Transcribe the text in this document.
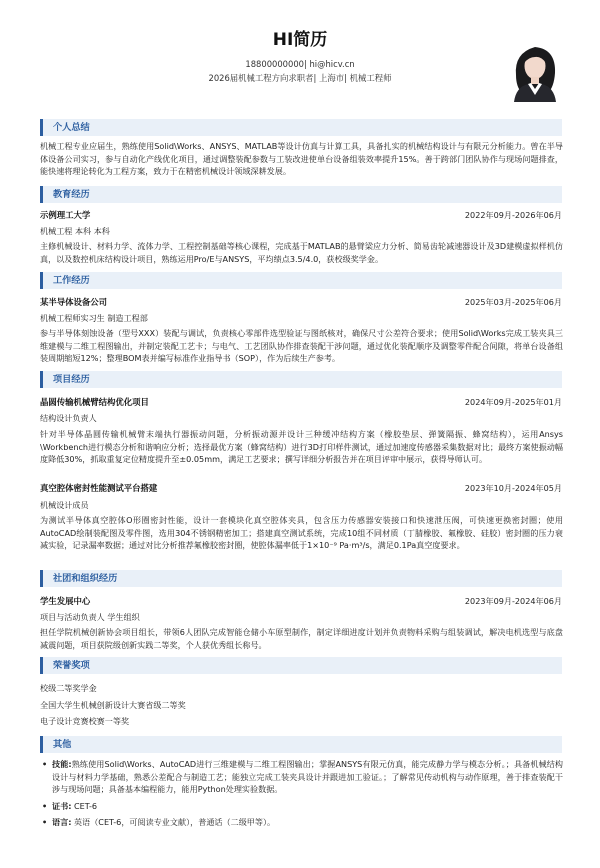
HI简历
18800000000| hi@hicv.cn
2026届机械工程方向求职者| 上海市| 机械工程师
个人总结
机械工程专业应届生，熟练使用Solid\Works、ANSYS、MATLAB等设计仿真与计算工具，具备扎实的机械结构设计与有限元分析能力。曾在半导体设备公司实习，参与自动化产线优化项目，通过调整装配参数与工装改进使单台设备组装效率提升15%。善于跨部门团队协作与现场问题排查，能快速将理论转化为工程方案，致力于在精密机械设计领域深耕发展。
教育经历
示例理工大学	2022年09月-2026年06月
机械工程 本科 本科
主修机械设计、材料力学、流体力学、工程控制基础等核心课程，完成基于MATLAB的悬臂梁应力分析、简易齿轮减速器设计及3D建模虚拟样机仿真，以及数控机床结构设计项目，熟练运用Pro/E与ANSYS，平均绩点3.5/4.0，获校级奖学金。
工作经历
某半导体设备公司	2025年03月-2025年06月
机械工程师实习生 制造工程部
参与半导体刻蚀设备（型号XXX）装配与调试，负责核心零部件选型验证与图纸核对，确保尺寸公差符合要求；使用Solid\Works完成工装夹具三维建模与二维工程图输出，并制定装配工艺卡；与电气、工艺团队协作排查装配干涉问题，通过优化装配顺序及调整零件配合间隙，将单台设备组装周期缩短12%；整理BOM表并编写标准作业指导书（SOP），作为后续生产参考。
项目经历
晶圆传输机械臂结构优化项目	2024年09月-2025年01月
结构设计负责人
针对半导体晶圆传输机械臂末端执行器振动问题，分析振动源并设计三种缓冲结构方案（橡胶垫层、弹簧隔振、蜂窝结构），运用Ansys \Workbench进行模态分析和谐响应分析；选择最优方案（蜂窝结构）进行3D打印样件测试，通过加速度传感器采集数据对比；最终方案使振动幅度降低30%，抓取重复定位精度提升至±0.05mm，满足工艺要求；撰写详细分析报告并在项目评审中展示，获得导师认可。
真空腔体密封性能测试平台搭建	2023年10月-2024年05月
机械设计成员
为测试半导体真空腔体O形圈密封性能，设计一套模块化真空腔体夹具，包含压力传感器安装接口和快速泄压阀，可快速更换密封圈；使用AutoCAD绘制装配图及零件图，选用304不锈钢精密加工；搭建真空测试系统，完成10组不同材质（丁腈橡胶、氟橡胶、硅胶）密封圈的压力衰减实验，记录漏率数据；通过对比分析推荐氟橡胶密封圈，使腔体漏率低于1×10⁻⁹ Pa·m³/s，满足0.1Pa真空度要求。
社团和组织经历
学生发展中心	2023年09月-2024年06月
项目与活动负责人 学生组织
担任学院机械创新协会项目组长，带领6人团队完成智能仓储小车原型制作，制定详细进度计划并负责物料采购与组装调试，解决电机选型与底盘减震问题，项目获院级创新实践二等奖，个人获优秀组长称号。
荣誉奖项
校级二等奖学金
全国大学生机械创新设计大赛省级二等奖
电子设计竞赛校赛一等奖
其他
• 技能:熟练使用Solid\Works、AutoCAD进行三维建模与二维工程图输出；掌握ANSYS有限元仿真，能完成静力学与模态分析。；具备机械结构设计与材料力学基础，熟悉公差配合与制造工艺；能独立完成工装夹具设计并跟进加工验证。；了解常见传动机构与动作原理，善于排查装配干涉与现场问题；具备基本编程能力，能用Python处理实验数据。
• 证书: CET-6
• 语言: 英语（CET-6，可阅读专业文献），普通话（二级甲等）。
